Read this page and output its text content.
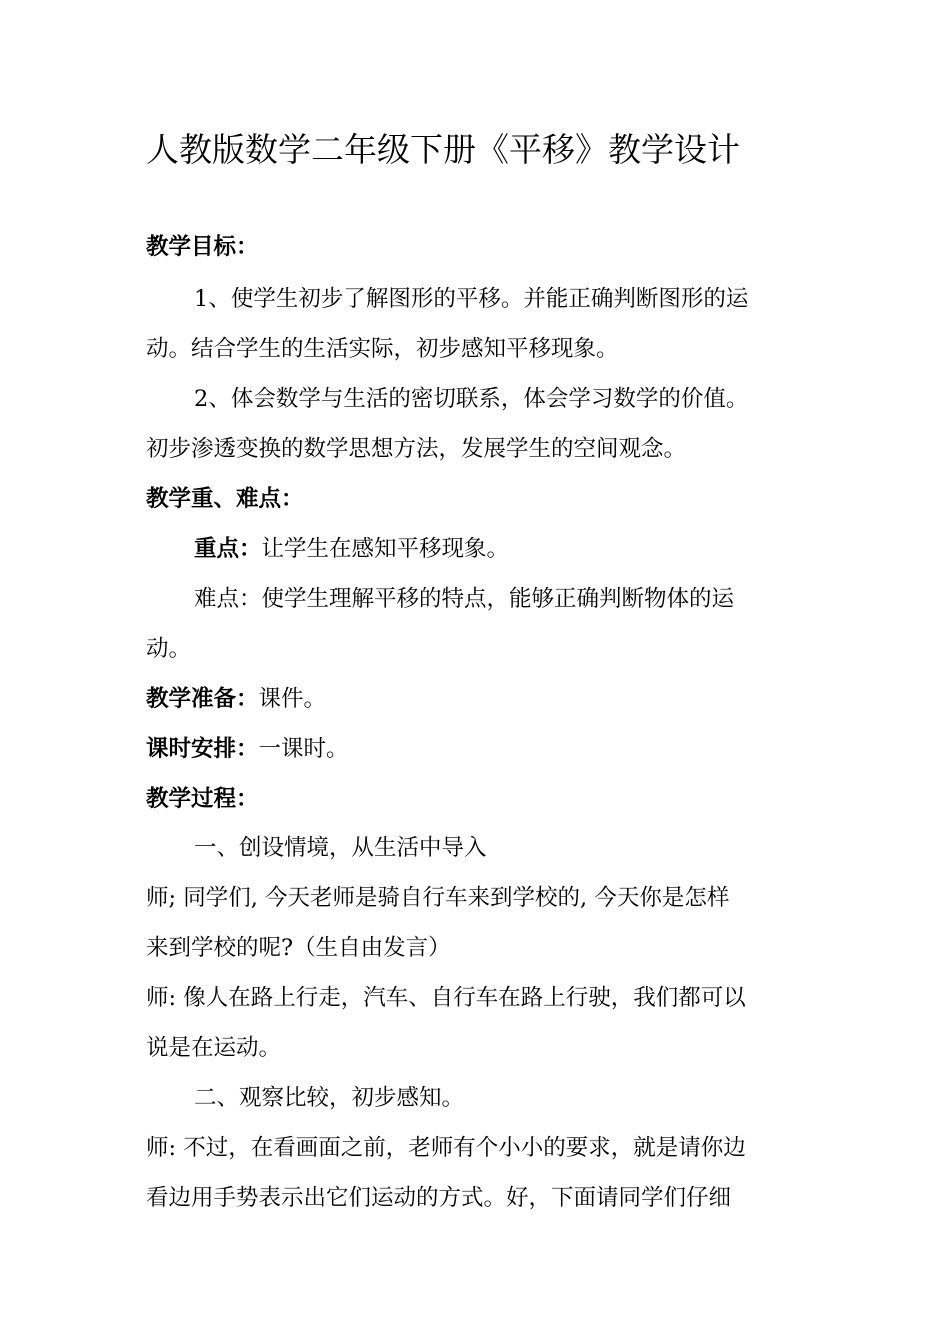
人教版数学二年级下册《平移》教学设计
教学目标：
1、使学生初步了解图形的平移。并能正确判断图形的运
动。结合学生的生活实际，初步感知平移现象。
2、体会数学与生活的密切联系，体会学习数学的价值。
初步渗透变换的数学思想方法，发展学生的空间观念。
教学重、难点：
重点：让学生在感知平移现象。
难点：使学生理解平移的特点，能够正确判断物体的运
动。
教学准备：课件。
课时安排：一课时。
教学过程：
一、创设情境，从生活中导入
师; 同学们, 今天老师是骑自行车来到学校的, 今天你是怎样
来到学校的呢?（生自由发言）
师: 像人在路上行走，汽车、自行车在路上行驶，我们都可以
说是在运动。
二、观察比较，初步感知。
师: 不过，在看画面之前，老师有个小小的要求，就是请你边
看边用手势表示出它们运动的方式。好，下面请同学们仔细
